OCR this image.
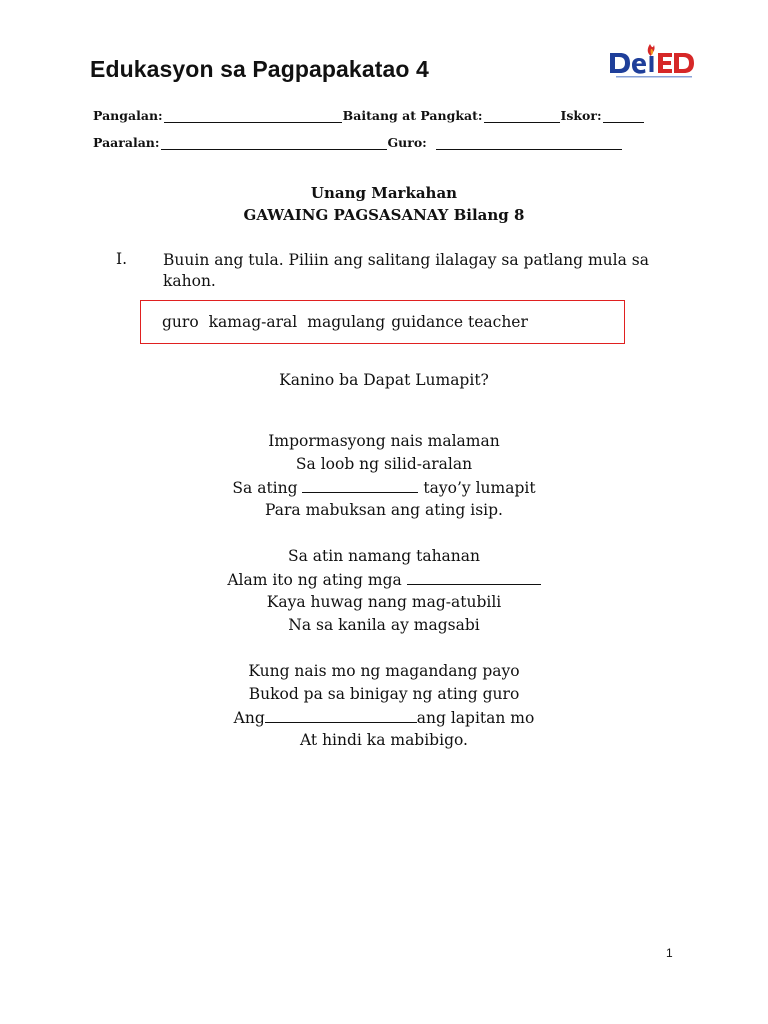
Edukasyon sa Pagpapakatao 4
Pangalan:	Baitang at Pangkat:	Iskor:
Paaralan:	Guro:
Unang Markahan
GAWAING PAGSASANAY Bilang 8
I. Buuin ang tula. Piliin ang salitang ilalagay sa patlang mula sa kahon.
guro kamag-aral magulang guidance teacher
Kanino ba Dapat Lumapit?
Impormasyong nais malaman
Sa loob ng silid-aralan
Sa ating	tayo’y lumapit
Para mabuksan ang ating isip.
Sa atin namang tahanan
Alam ito ng ating mga
Kaya huwag nang mag-atubili
Na sa kanila ay magsabi
Kung nais mo ng magandang payo
Bukod pa sa binigay ng ating guro
Ang	ang lapitan mo
At hindi ka mabibigo.
1
